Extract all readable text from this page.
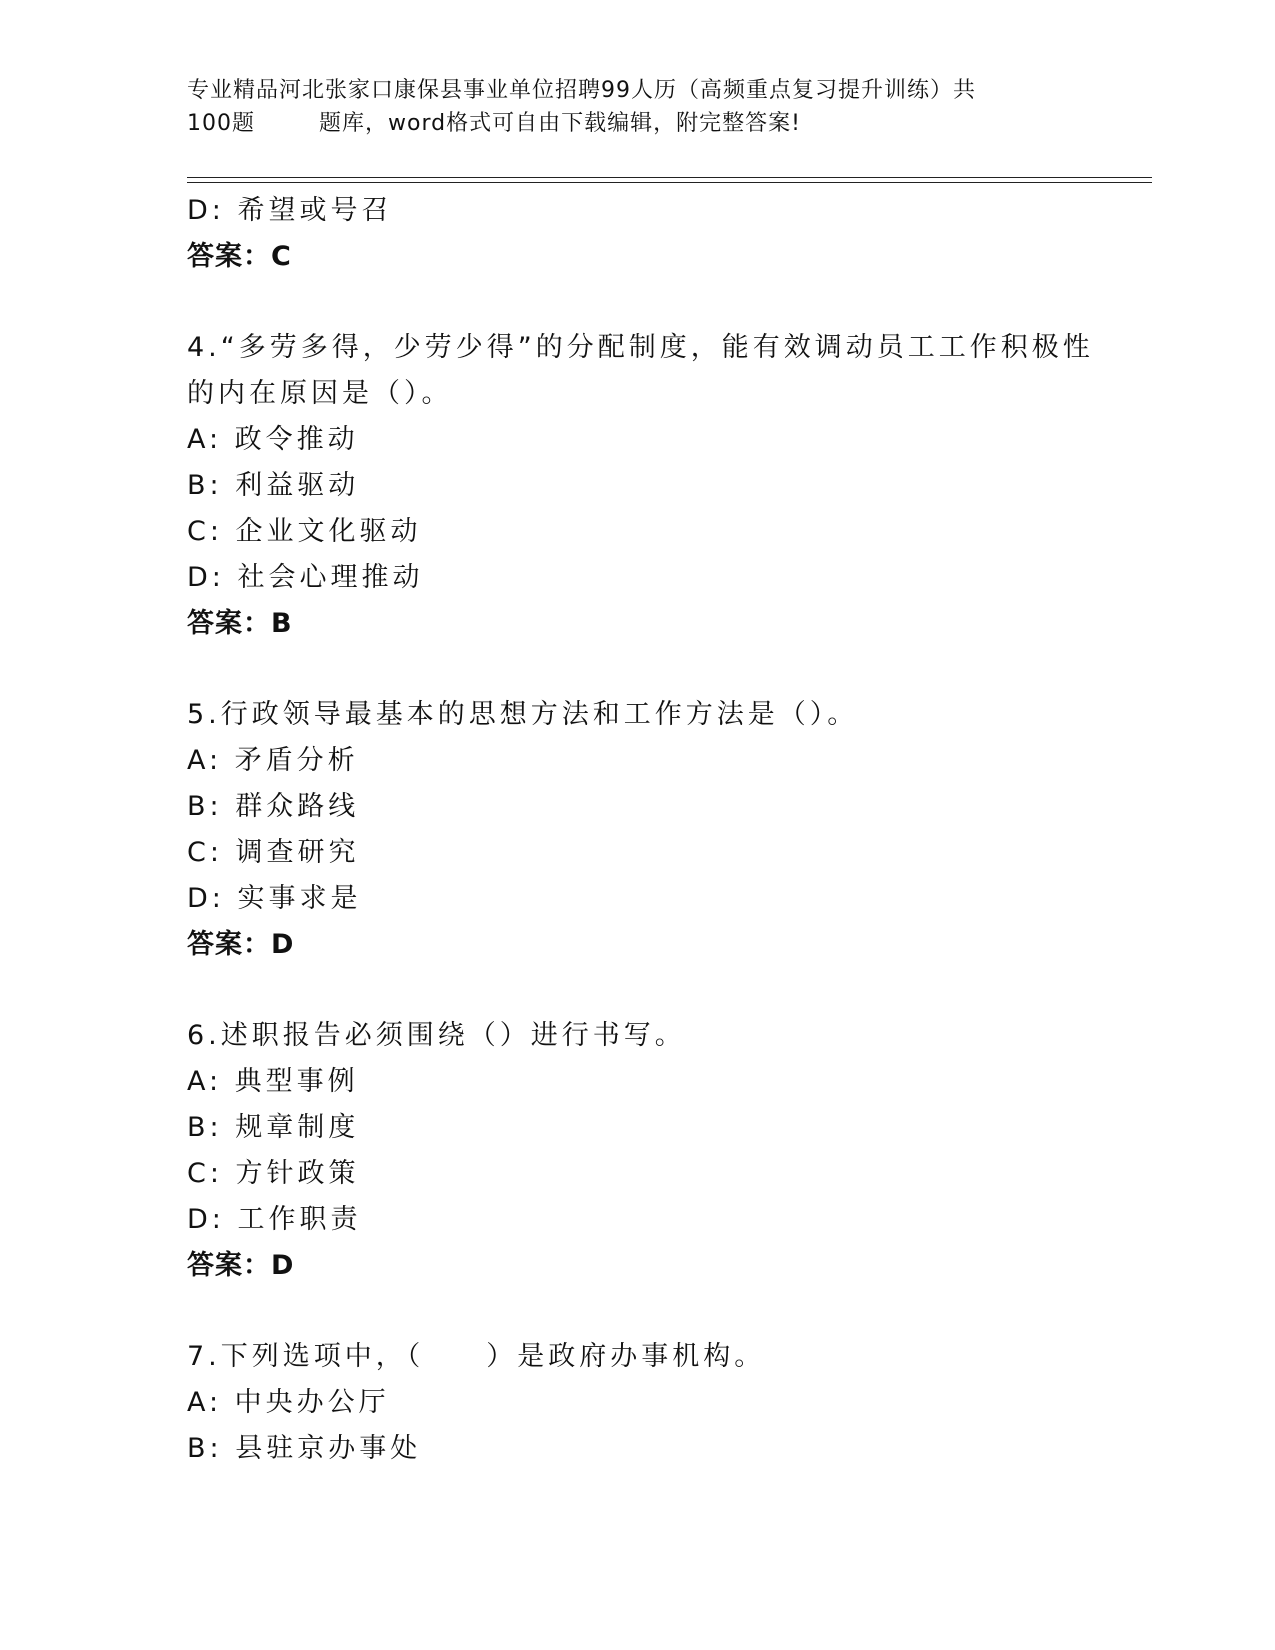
专业精品河北张家口康保县事业单位招聘99人历（高频重点复习提升训练）共
100题	题库，word格式可自由下载编辑，附完整答案!
D: 希望或号召
答案：C
4.“多劳多得，少劳少得”的分配制度，能有效调动员工工作积极性
的内在原因是（）。
A: 政令推动
B: 利益驱动
C: 企业文化驱动
D: 社会心理推动
答案：B
5.行政领导最基本的思想方法和工作方法是（）。
A: 矛盾分析
B: 群众路线
C: 调查研究
D: 实事求是
答案：D
6.述职报告必须围绕（）进行书写。
A: 典型事例
B: 规章制度
C: 方针政策
D: 工作职责
答案：D
7.下列选项中，（　　）是政府办事机构。
A: 中央办公厅
B: 县驻京办事处
